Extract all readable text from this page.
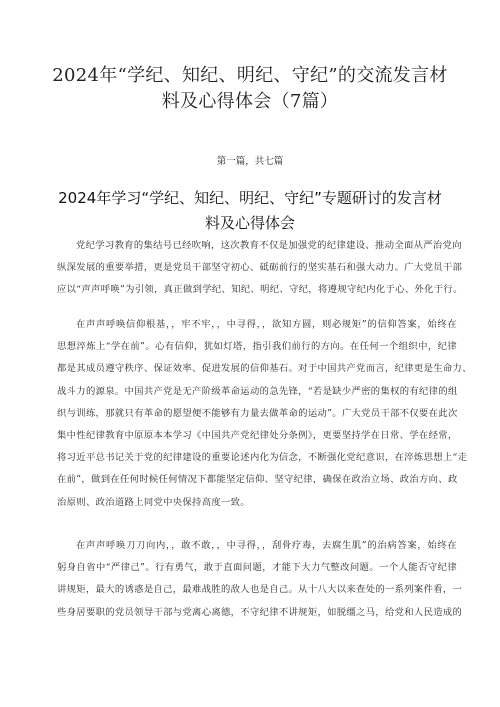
2024年“学纪、知纪、明纪、守纪”的交流发言材
料及心得体会（7篇）
第一篇，共七篇
2024年学习“学纪、知纪、明纪、守纪”专题研讨的发言材
料及心得体会
党纪学习教育的集结号已经吹响，这次教育不仅是加强党的纪律建设、推动全面从严治党向
纵深发展的重要举措，更是党员干部坚守初心、砥砺前行的坚实基石和强大动力。广大党员干部
应以“声声呼唤”为引领，真正做到学纪、知纪、明纪、守纪，将遵规守纪内化于心、外化于行。
在声声呼唤信仰根基，，牢不牢，，中寻得，，欲知方圆，则必规矩”的信仰答案，始终在
思想淬炼上“学在前”。心有信仰，犹如灯塔，指引我们前行的方向。在任何一个组织中，纪律
都是其成员遵守秩序、保证效率、促进发展的信仰基石。对于中国共产党而言，纪律更是生命力、
战斗力的源泉。中国共产党是无产阶级革命运动的急先锋，“若是缺少严密的集权的有纪律的组
织与训练，那就只有革命的愿望便不能够有力量去做革命的运动”。广大党员干部不仅要在此次
集中性纪律教育中原原本本学习《中国共产党纪律处分条例》，更要坚持学在日常、学在经常，
将习近平总书记关于党的纪律建设的重要论述内化为信念，不断强化党纪意识，在淬炼思想上“走
在前”，做到在任何时候任何情况下都能坚定信仰、坚守纪律，确保在政治立场、政治方向、政
治原则、政治道路上同党中央保持高度一致。
在声声呼唤刀刀向内，，敢不敢，，中寻得，，刮骨疗毒，去腐生肌”的治病答案，始终在
躬身自省中“严律己”。行有勇气，敢于直面问题，才能下大力气整改问题。一个人能否守纪律
讲规矩，最大的诱惑是自己，最难战胜的敌人也是自己。从十八大以来查处的一系列案件看，一
些身居要职的党员领导干部与党离心离德，不守纪律不讲规矩，如脱缰之马，给党和人民造成的
